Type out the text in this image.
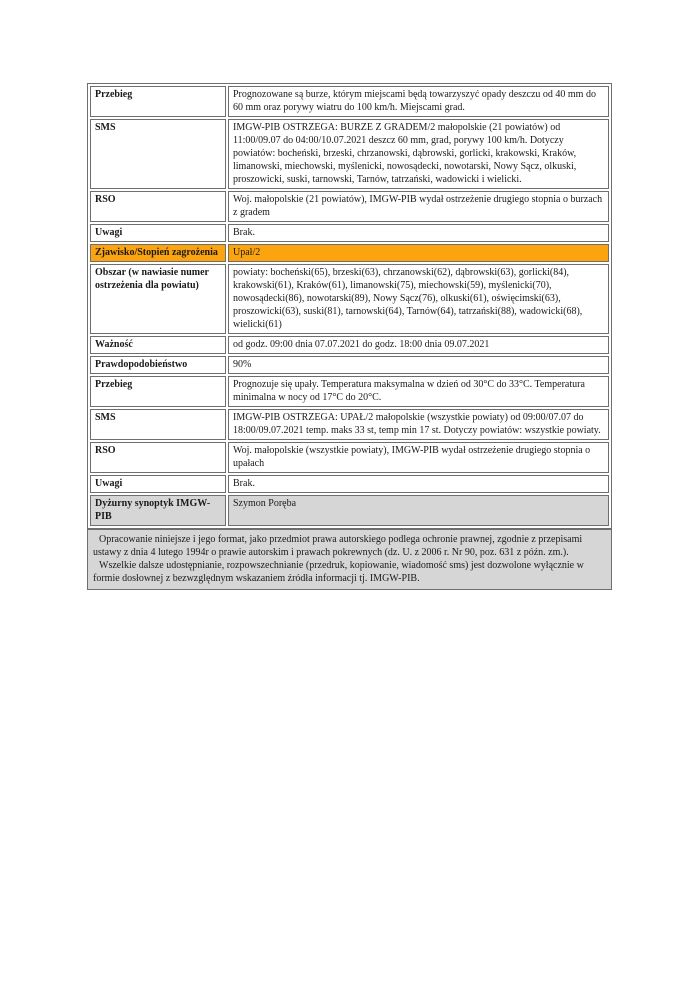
Przebieg	Prognozowane są burze, którym miejscami będą towarzyszyć opady deszczu od 40 mm do 60 mm oraz porywy wiatru do 100 km/h. Miejscami grad.
SMS	IMGW-PIB OSTRZEGA: BURZE Z GRADEM/2 małopolskie (21 powiatów) od 11:00/09.07 do 04:00/10.07.2021 deszcz 60 mm, grad, porywy 100 km/h. Dotyczy powiatów: bocheński, brzeski, chrzanowski, dąbrowski, gorlicki, krakowski, Kraków, limanowski, miechowski, myślenicki, nowosądecki, nowotarski, Nowy Sącz, olkuski, proszowicki, suski, tarnowski, Tarnów, tatrzański, wadowicki i wielicki.
RSO	Woj. małopolskie (21 powiatów), IMGW-PIB wydał ostrzeżenie drugiego stopnia o burzach z gradem
Uwagi	Brak.
Zjawisko/Stopień zagrożenia	Upał/2
Obszar (w nawiasie numer ostrzeżenia dla powiatu)	powiaty: bocheński(65), brzeski(63), chrzanowski(62), dąbrowski(63), gorlicki(84), krakowski(61), Kraków(61), limanowski(75), miechowski(59), myślenicki(70), nowosądecki(86), nowotarski(89), Nowy Sącz(76), olkuski(61), oświęcimski(63), proszowicki(63), suski(81), tarnowski(64), Tarnów(64), tatrzański(88), wadowicki(68), wielicki(61)
Ważność	od godz. 09:00 dnia 07.07.2021 do godz. 18:00 dnia 09.07.2021
Prawdopodobieństwo	90%
Przebieg	Prognozuje się upały. Temperatura maksymalna w dzień od 30°C do 33°C. Temperatura minimalna w nocy od 17°C do 20°C.
SMS	IMGW-PIB OSTRZEGA: UPAŁ/2 małopolskie (wszystkie powiaty) od 09:00/07.07 do 18:00/09.07.2021 temp. maks 33 st, temp min 17 st. Dotyczy powiatów: wszystkie powiaty.
RSO	Woj. małopolskie (wszystkie powiaty), IMGW-PIB wydał ostrzeżenie drugiego stopnia o upałach
Uwagi	Brak.
Dyżurny synoptyk IMGW-PIB	Szymon Poręba

Opracowanie niniejsze i jego format, jako przedmiot prawa autorskiego podlega ochronie prawnej, zgodnie z przepisami ustawy z dnia 4 lutego 1994r o prawie autorskim i prawach pokrewnych (dz. U. z 2006 r. Nr 90, poz. 631 z późn. zm.).

Wszelkie dalsze udostępnianie, rozpowszechnianie (przedruk, kopiowanie, wiadomość sms) jest dozwolone wyłącznie w formie dosłownej z bezwzględnym wskazaniem źródła informacji tj. IMGW-PIB.
